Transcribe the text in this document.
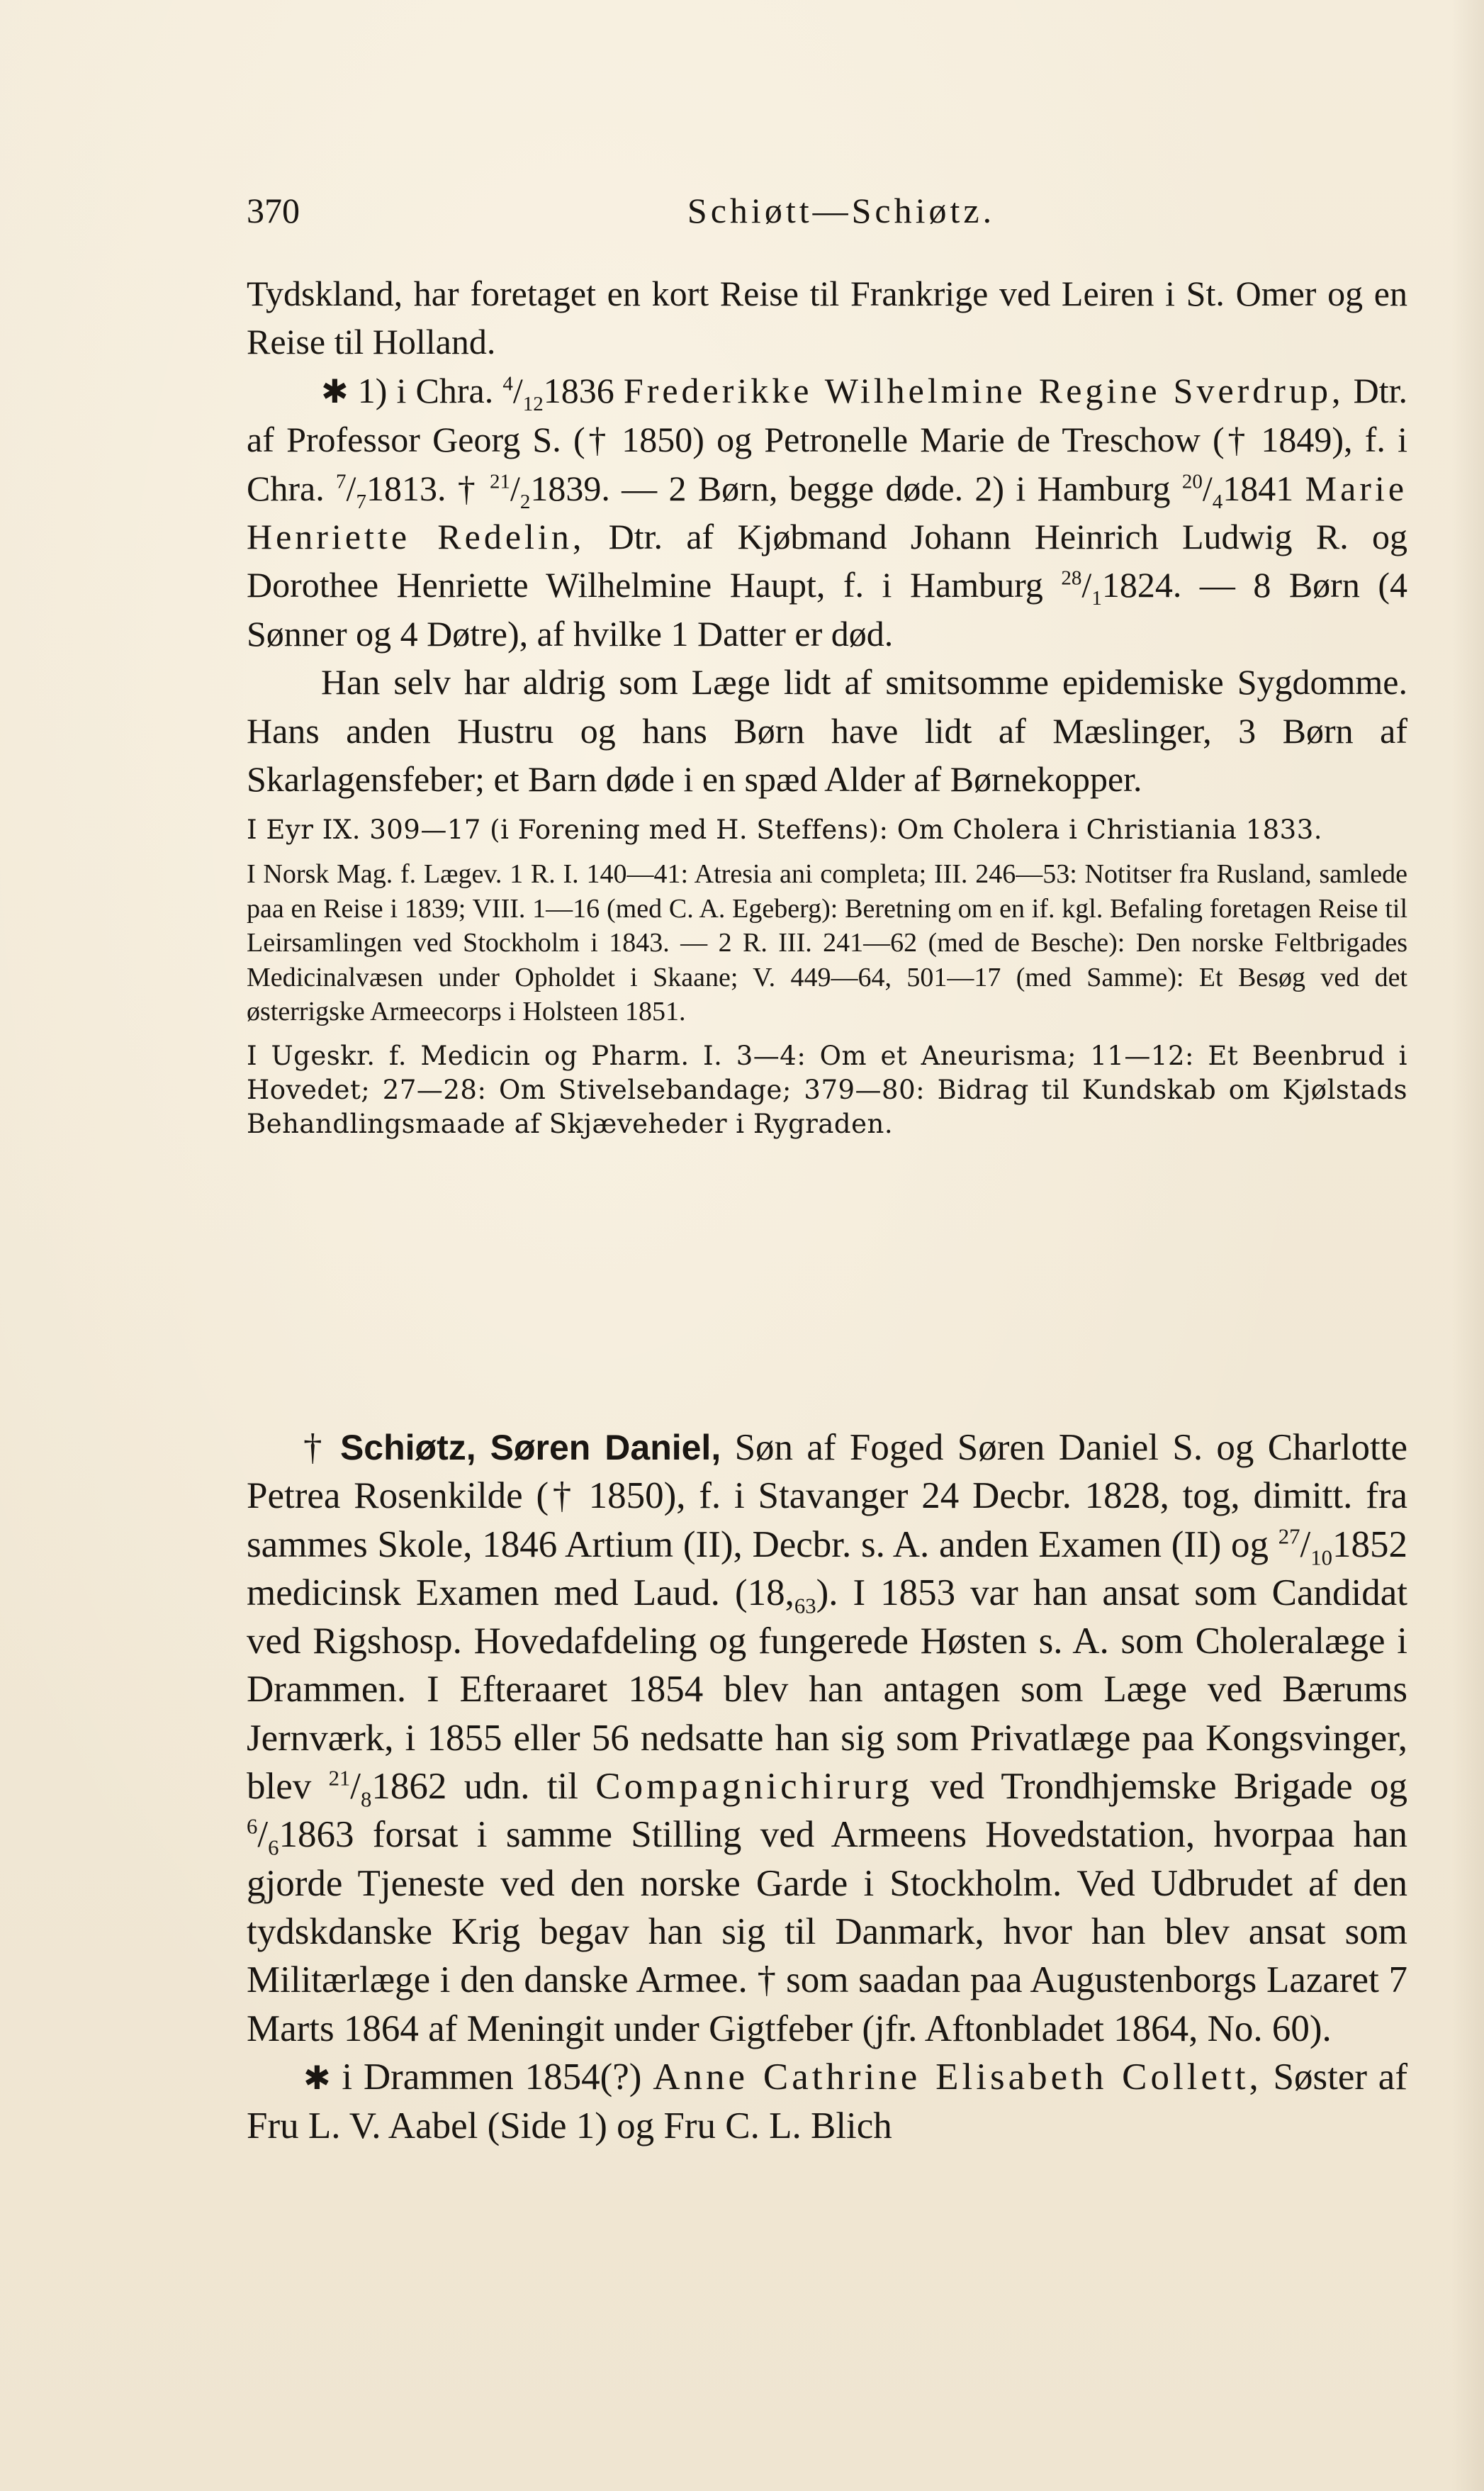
370	Schiøtt—Schiøtz.

Tydskland, har foretaget en kort Reise til Frankrige ved Leiren i St. Omer og en Reise til Holland.

✱ 1) i Chra. $^4/_{12}1836$ Frederikke Wilhelmine Regine Sverdrup, Dtr. af Professor Georg S. († 1850) og Petronelle Marie de Treschow († 1849), f. i Chra. $^7/_71813$. † $^{21}/_21839$. — 2 Børn, begge døde. 2) i Hamburg $^{20}/_41841$ Marie Henriette Redelin, Dtr. af Kjøbmand Johann Heinrich Ludwig R. og Dorothee Henriette Wilhelmine Haupt, f. i Hamburg $^{28}/_11824$. — 8 Børn (4 Sønner og 4 Døtre), af hvilke 1 Datter er død.

Han selv har aldrig som Læge lidt af smitsomme epidemiske Sygdomme. Hans anden Hustru og hans Børn have lidt af Mæslinger, 3 Børn af Skarlagensfeber; et Barn døde i en spæd Alder af Børnekopper.

I Eyr IX. 309—17 (i Forening med H. Steffens): Om Cholera i Christiania 1833.

I Norsk Mag. f. Lægev. 1 R. I. 140—41: Atresia ani completa; III. 246—53: Notitser fra Rusland, samlede paa en Reise i 1839; VIII. 1—16 (med C. A. Egeberg): Beretning om en if. kgl. Befaling foretagen Reise til Leirsamlingen ved Stockholm i 1843. — 2 R. III. 241—62 (med de Besche): Den norske Feltbrigades Medicinalvæsen under Opholdet i Skaane; V. 449—64, 501—17 (med Samme): Et Besøg ved det østerrigske Armeecorps i Holsteen 1851.

I Ugeskr. f. Medicin og Pharm. I. 3—4: Om et Aneurisma; 11—12: Et Beenbrud i Hovedet; 27—28: Om Stivelsebandage; 379—80: Bidrag til Kundskab om Kjølstads Behandlingsmaade af Skjæveheder i Rygraden.

† Schiøtz, Søren Daniel, Søn af Foged Søren Daniel S. og Charlotte Petrea Rosenkilde († 1850), f. i Stavanger 24 Decbr. 1828, tog, dimitt. fra sammes Skole, 1846 Artium (II), Decbr. s. A. anden Examen (II) og $^{27}/_{10}1852$ medicinsk Examen med Laud. $(18,_{63})$. I 1853 var han ansat som Candidat ved Rigshosp. Hovedafdeling og fungerede Høsten s. A. som Choleralæge i Drammen. I Efteraaret 1854 blev han antagen som Læge ved Bærums Jernværk, i 1855 eller 56 nedsatte han sig som Privatlæge paa Kongsvinger, blev $^{21}/_81862$ udn. til Compagnichirurg ved Trondhjemske Brigade og $^6/_61863$ forsat i samme Stilling ved Armeens Hovedstation, hvorpaa han gjorde Tjeneste ved den norske Garde i Stockholm. Ved Udbrudet af den tydskdanske Krig begav han sig til Danmark, hvor han blev ansat som Militærlæge i den danske Armee. † som saadan paa Augustenborgs Lazaret 7 Marts 1864 af Meningit under Gigtfeber (jfr. Aftonbladet 1864, No. 60).

✱ i Drammen 1854(?) Anne Cathrine Elisabeth Collett, Søster af Fru L. V. Aabel (Side 1) og Fru C. L. Blich
